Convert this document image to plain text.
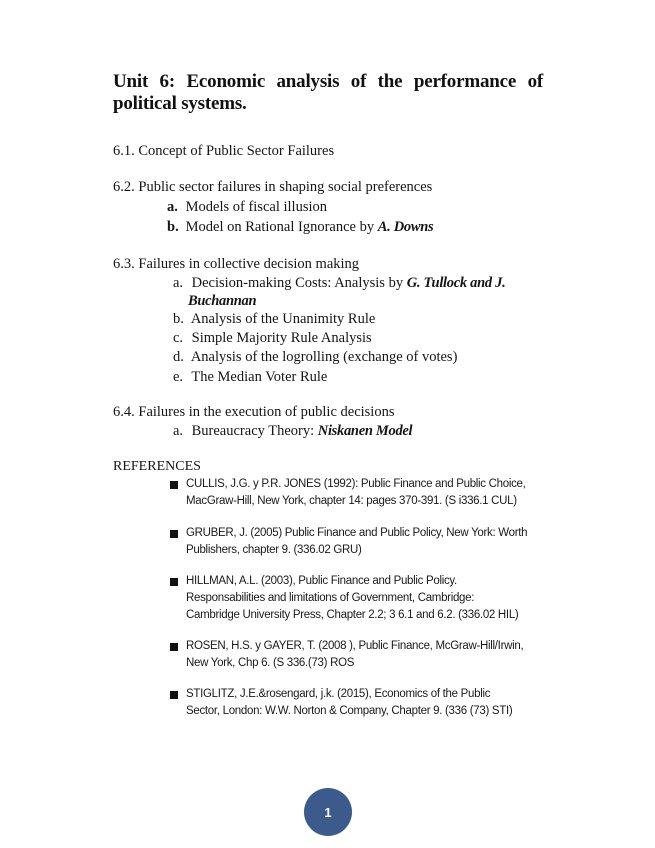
Unit 6: Economic analysis of the performance of political systems.
6.1. Concept of Public Sector Failures
6.2. Public sector failures in shaping social preferences
a. Models of fiscal illusion
b. Model on Rational Ignorance by A. Downs
6.3. Failures in collective decision making
a. Decision-making Costs: Analysis by G. Tullock and J.
Buchannan
b. Analysis of the Unanimity Rule
c. Simple Majority Rule Analysis
d. Analysis of the logrolling (exchange of votes)
e. The Median Voter Rule
6.4. Failures in the execution of public decisions
a. Bureaucracy Theory: Niskanen Model
REFERENCES
CULLIS, J.G. y P.R. JONES (1992): Public Finance and Public Choice,
MacGraw-Hill, New York, chapter 14: pages 370-391. (S i336.1 CUL)
GRUBER, J. (2005) Public Finance and Public Policy, New York: Worth
Publishers, chapter 9. (336.02 GRU)
HILLMAN, A.L. (2003), Public Finance and Public Policy.
Responsabilities and limitations of Government, Cambridge:
Cambridge University Press, Chapter 2.2; 3 6.1 and 6.2. (336.02 HIL)
ROSEN, H.S. y GAYER, T. (2008 ), Public Finance, McGraw-Hill/Irwin,
New York, Chp 6. (S 336.(73) ROS
STIGLITZ, J.E.&rosengard, j.k. (2015), Economics of the Public
Sector, London: W.W. Norton & Company, Chapter 9. (336 (73) STI)
1
